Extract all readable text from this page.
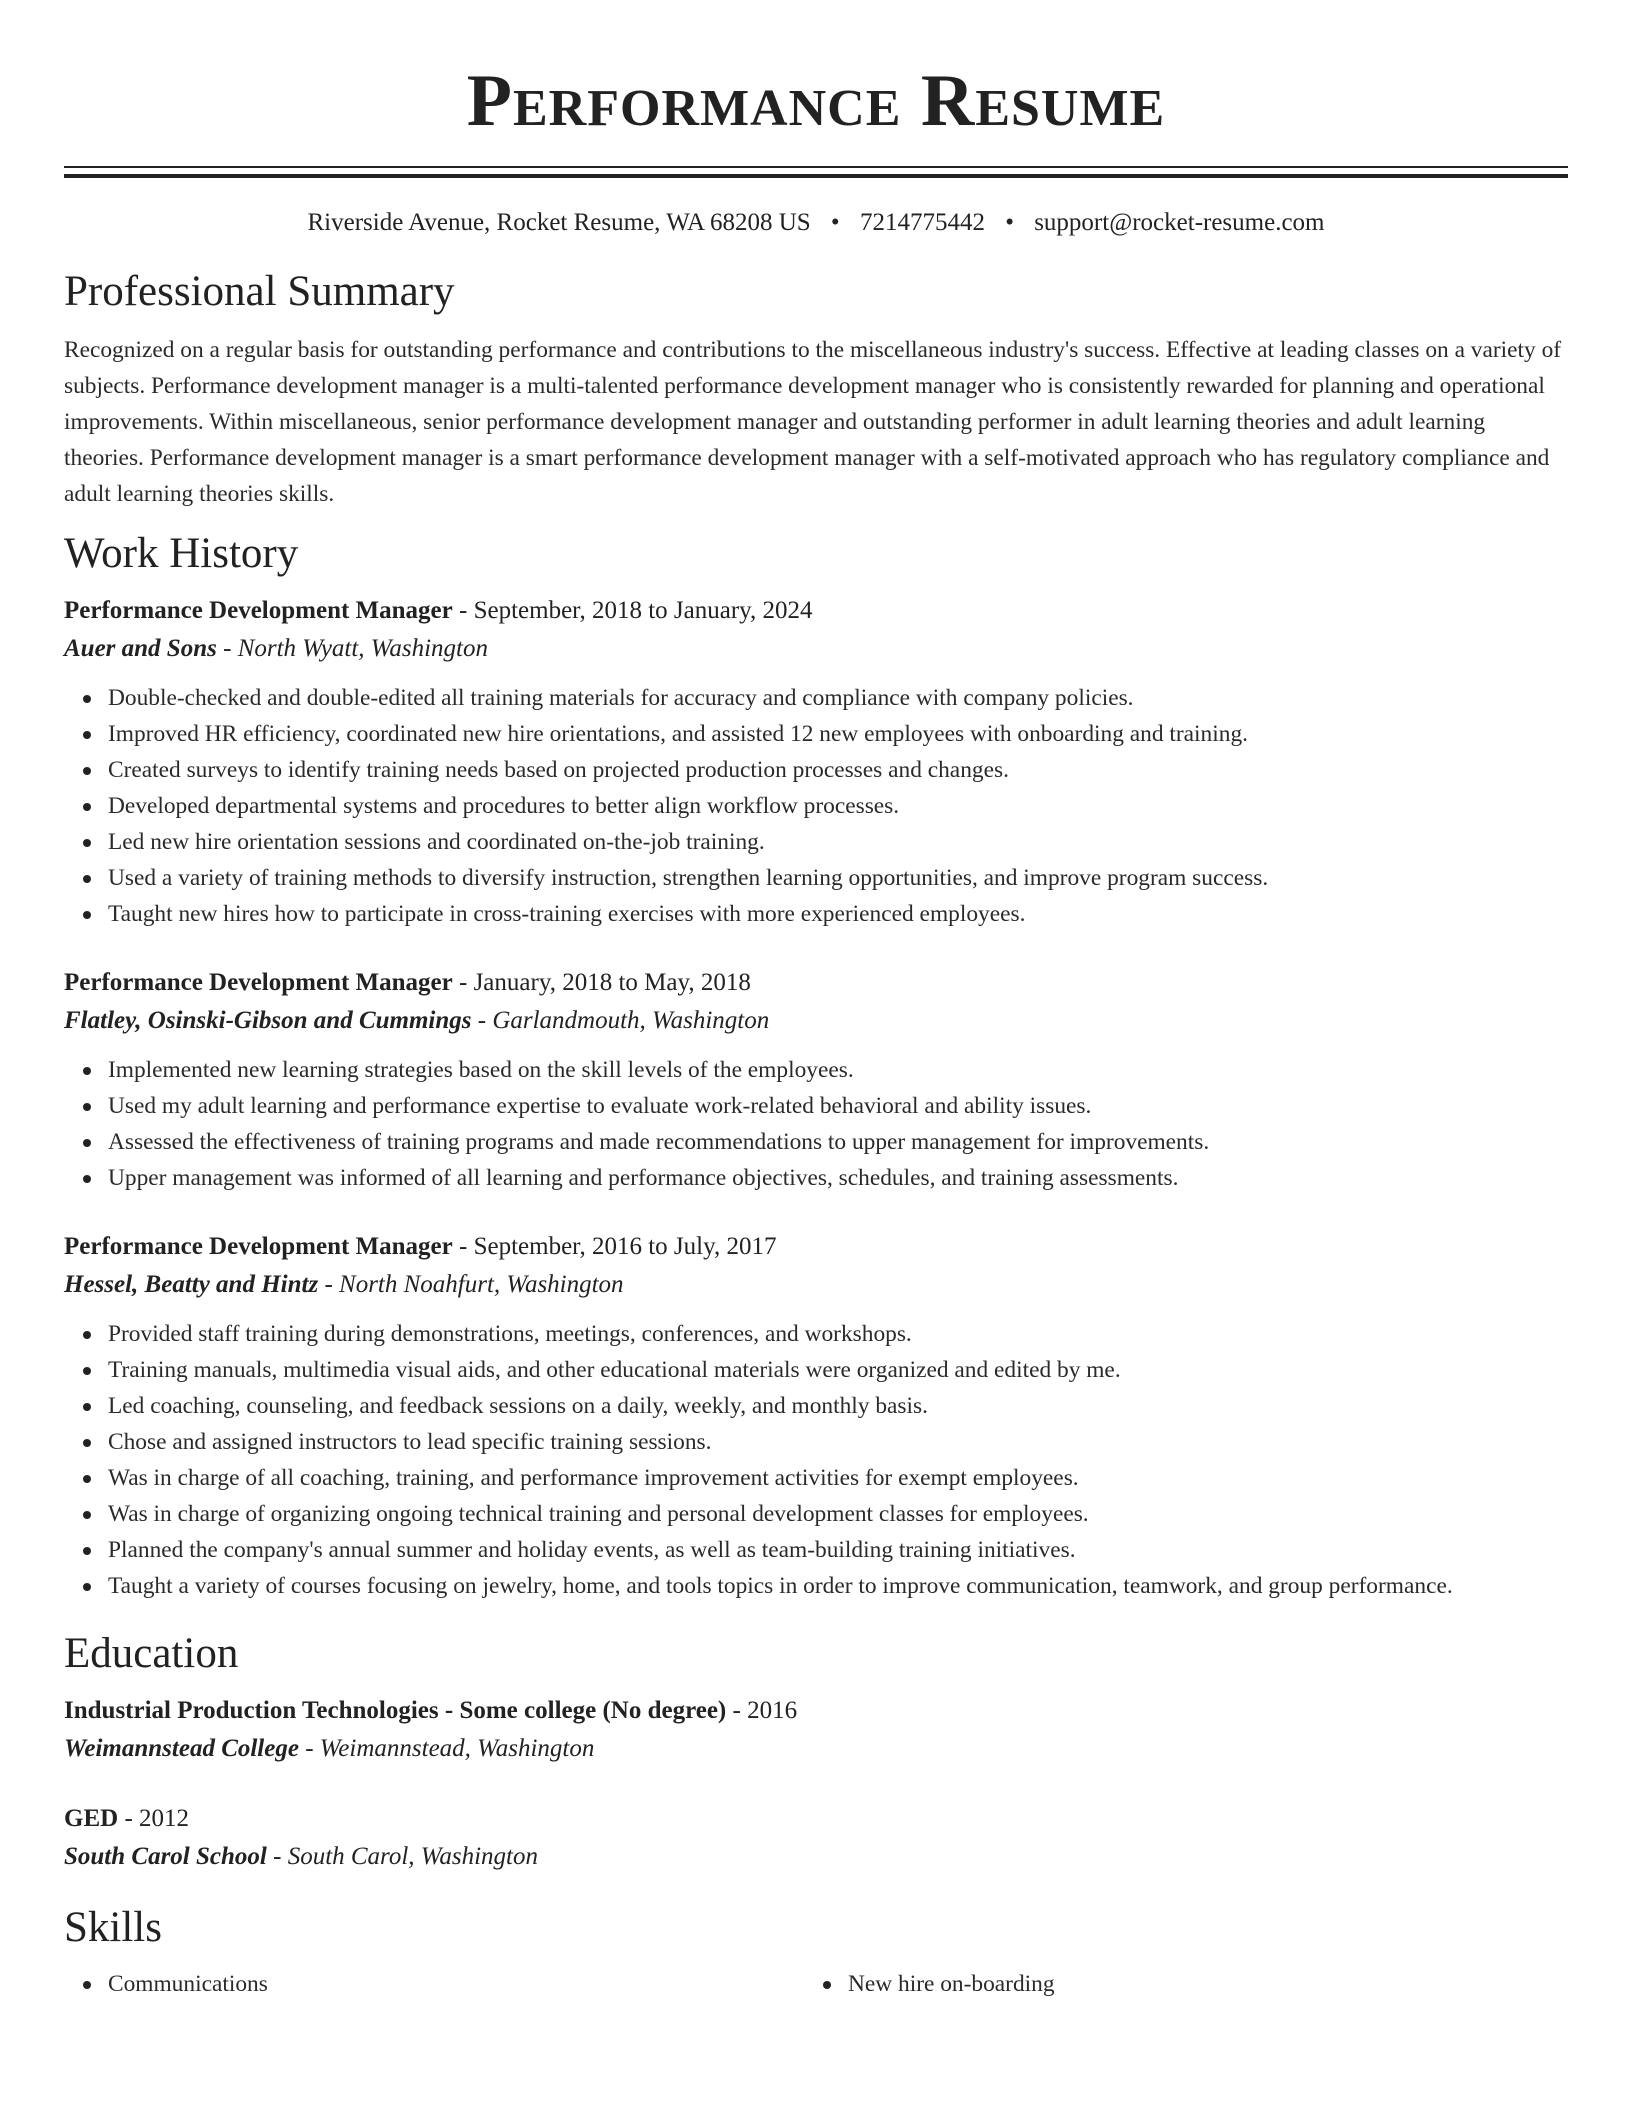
Performance Resume
Riverside Avenue, Rocket Resume, WA 68208 US • 7214775442 • support@rocket-resume.com
Professional Summary

Recognized on a regular basis for outstanding performance and contributions to the miscellaneous industry's success. Effective at leading classes on a variety of subjects. Performance development manager is a multi-talented performance development manager who is consistently rewarded for planning and operational improvements. Within miscellaneous, senior performance development manager and outstanding performer in adult learning theories and adult learning theories. Performance development manager is a smart performance development manager with a self-motivated approach who has regulatory compliance and adult learning theories skills.

Work History
Performance Development Manager - September, 2018 to January, 2024
Auer and Sons - North Wyatt, Washington
Double-checked and double-edited all training materials for accuracy and compliance with company policies.
Improved HR efficiency, coordinated new hire orientations, and assisted 12 new employees with onboarding and training.
Created surveys to identify training needs based on projected production processes and changes.
Developed departmental systems and procedures to better align workflow processes.
Led new hire orientation sessions and coordinated on-the-job training.
Used a variety of training methods to diversify instruction, strengthen learning opportunities, and improve program success.
Taught new hires how to participate in cross-training exercises with more experienced employees.
Performance Development Manager - January, 2018 to May, 2018
Flatley, Osinski-Gibson and Cummings - Garlandmouth, Washington
Implemented new learning strategies based on the skill levels of the employees.
Used my adult learning and performance expertise to evaluate work-related behavioral and ability issues.
Assessed the effectiveness of training programs and made recommendations to upper management for improvements.
Upper management was informed of all learning and performance objectives, schedules, and training assessments.
Performance Development Manager - September, 2016 to July, 2017
Hessel, Beatty and Hintz - North Noahfurt, Washington
Provided staff training during demonstrations, meetings, conferences, and workshops.
Training manuals, multimedia visual aids, and other educational materials were organized and edited by me.
Led coaching, counseling, and feedback sessions on a daily, weekly, and monthly basis.
Chose and assigned instructors to lead specific training sessions.
Was in charge of all coaching, training, and performance improvement activities for exempt employees.
Was in charge of organizing ongoing technical training and personal development classes for employees.
Planned the company's annual summer and holiday events, as well as team-building training initiatives.
Taught a variety of courses focusing on jewelry, home, and tools topics in order to improve communication, teamwork, and group performance.
Education
Industrial Production Technologies - Some college (No degree) - 2016
Weimannstead College - Weimannstead, Washington
GED - 2012
South Carol School - South Carol, Washington
Skills
Communications	New hire on-boarding
